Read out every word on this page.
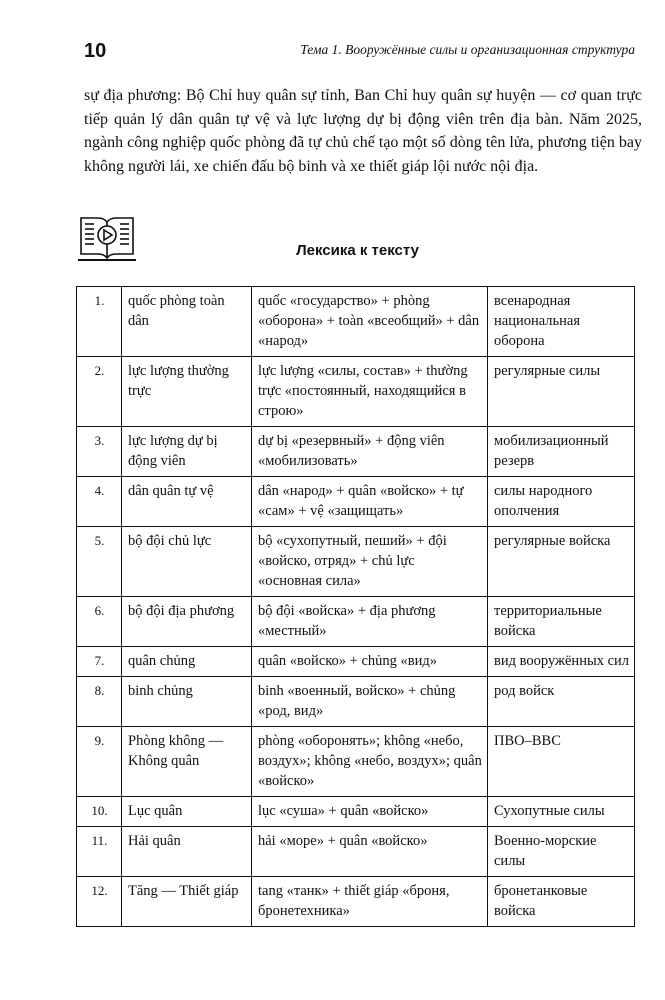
10	Тема 1. Вооружённые силы и организационная структура

sự địa phương: Bộ Chỉ huy quân sự tỉnh, Ban Chỉ huy quân sự huyện — cơ quan trực tiếp quản lý dân quân tự vệ và lực lượng dự bị động viên trên địa bàn. Năm 2025, ngành công nghiệp quốc phòng đã tự chủ chế tạo một số dòng tên lửa, phương tiện bay không người lái, xe chiến đấu bộ binh và xe thiết giáp lội nước nội địa.

Лексика к тексту
1.	quốc phòng toàn dân	quốc «государство» + phòng «оборона» + toàn «всеобщий» + dân «народ»	всенародная национальная оборона
2.	lực lượng thường trực	lực lượng «силы, состав» + thường trực «постоянный, находящийся в строю»	регулярные силы
3.	lực lượng dự bị động viên	dự bị «резервный» + động viên «мобилизовать»	мобилизационный резерв
4.	dân quân tự vệ	dân «народ» + quân «войско» + tự «сам» + vệ «защищать»	силы народного ополчения
5.	bộ đội chủ lực	bộ «сухопутный, пеший» + đội «войско, отряд» + chủ lực «основная сила»	регулярные войска
6.	bộ đội địa phương	bộ đội «войска» + địa phương «местный»	территориальные войска
7.	quân chủng	quân «войско» + chủng «вид»	вид вооружённых сил
8.	binh chủng	binh «военный, войско» + chủng «род, вид»	род войск
9.	Phòng không — Không quân	phòng «оборонять»; không «небо, воздух»; không «небо, воздух»; quân «войско»	ПВО–ВВС
10.	Lục quân	lục «суша» + quân «войско»	Сухопутные силы
11.	Hải quân	hải «море» + quân «войско»	Военно-морские силы
12.	Tăng — Thiết giáp	tang «танк» + thiết giáp «броня, бронетехника»	бронетанковые войска
